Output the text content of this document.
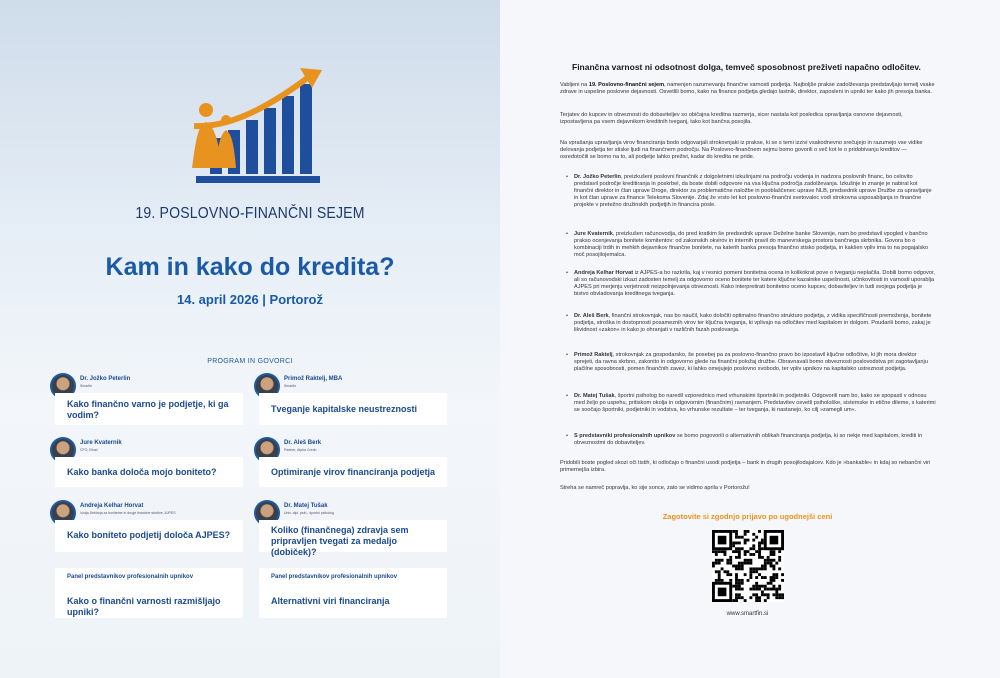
19. POSLOVNO-FINANČNI SEJEM
Kam in kako do kredita?
14. april 2026 | Portorož
PROGRAM IN GOVORCI
Dr. Jožko Peterlin
SmartIn
Kako finančno varno je podjetje, ki ga vodim?
Primož Raktelj, MBA
SmartIn
Tveganje kapitalske neustreznosti
Jure Kvaternik
CFO, Elrad
Kako banka določa mojo boniteto?
Dr. Aleš Berk
Partner, Alpha Credo
Optimiranje virov financiranja podjetja
Andreja Kelhar Horvat
Vodja Sektorja za bonitetne in druge finančne storitve, AJPES
Kako boniteto podjetij določa AJPES?
Dr. Matej Tušak
Univ. dipl. psih., športni psiholog
Koliko (finančnega) zdravja sem pripravljen tvegati za medaljo (dobiček)?
Panel predstavnikov profesionalnih upnikov
Kako o finančni varnosti razmišljajo upniki?
Panel predstavnikov profesionalnih upnikov
Alternativni viri financiranja
Finančna varnost ni odsotnost dolga, temveč sposobnost preživeti napačno odločitev.
Vabljeni na 19. Poslovno-finančni sejem, namenjen razumevanju finančne varnosti podjetja. Najboljše prakse zadolževanja predstavljajo temelj vsake zdrave in uspešne poslovne dejavnosti. Osvetlili bomo, kako na finance podjetja gledajo lastnik, direktor, zaposleni in upniki ter kako jih presoja banka.
Terjatev do kupcev in obveznosti do dobaviteljev so običajna kreditna razmerja, sicer nastala kot posledica opravljanja osnovne dejavnosti, izpostavljena pa vsem dejavnikom kreditnih tveganj, tako kot bančna posojila.
Na vprašanja upravljanja virov financiranja bodo odgovarjali strokovnjaki iz prakse, ki se s temi izzivi vsakodnevno srečujejo in razumejo vse vidike delovanja podjetja ter stiske ljudi na finančnem področju. Na Poslovno-finančnem sejmu bomo govorili o več kot le o pridobivanju kreditov — osredotočili se bomo na to, ali podjetje lahko preživi, kadar do kredita ne pride.
• Dr. Jožko Peterlin, preizkušeni poslovni finančnik z dolgoletnimi izkušnjami na področju vodenja in nadzora poslovnih financ, bo celovito predstavil področje kreditiranja in poskrbel, da boste dobili odgovore na vsa ključna področja zadolževanja. Izkušnje in znanje je nabiral kot finančni direktor in član uprave Droge, direktor za problematične naložbe in pooblaščenec uprave NLB, predsednik uprave Družbe za upravljanje in kot član uprave za finance Telekoma Slovenije. Zdaj že vrsto let kot poslovno-finančni svetovalec vodi strokovna usposabljanja in finančne projekte v pretežno družinskih podjetjih in financira posle.
• Jure Kvaternik, preizkušen računovodja, do pred kratkim še predsednik uprave Deželne banke Slovenije, nam bo predstavil vpogled v bančno prakso ocenjevanja bonitete komitentov: od zakonskih okvirov in internih pravil do manevrskega prostora bančnega skrbnika. Govora bo o kombinaciji trdih in mehkih dejavnikov finančne bonitete, na katerih banka presoja finančno stisko podjetja, in kakšen vpliv ima to na pogajalsko moč posojilojemalca.
• Andreja Kelhar Horvat iz AJPES-a bo razkrila, kaj v resnici pomeni bonitetna ocena in kolikokrat pove o tveganju neplačila. Dobili bomo odgovor, ali so računovodski izkazi zadosten temelj za odgovorno oceno bonitete ter katere ključne kazalnike uspešnosti, učinkovitosti in varnosti uporablja AJPES pri merjenju verjetnosti neizpolnjevanja obveznosti. Kako interpretirati bonitetno oceno kupcev, dobaviteljev in tudi svojega podjetja je bistvo obvladovanja kreditnega tveganja.
• Dr. Aleš Berk, finančni strokovnjak, nas bo naučil, kako določiti optimalno finančno strukturo podjetja, z vidika specifičnosti premoženja, bonitete podjetja, stroška in dostopnosti posameznih virov ter ključna tveganja, ki vplivajo na odločitev med kapitalom in dolgom. Poudarili bomo, zakaj je likvidnost »zakon« in kako jo ohranjati v različnih fazah poslovanja.
• Primož Raktelj, strokovnjak za gospodarsko, še posebej pa za poslovno-finančno pravo bo izpostavil ključne odločitve, ki jih mora direktor sprejeti, da ravna skrbno, zakonito in odgovorno glede na finančni položaj družbe. Obravnavali bomo obveznosti poslovodstva pri zagotavljanju plačilne sposobnosti, pomen finančnih zavez, ki lahko omejujejo poslovno svobodo, ter vpliv upnikov na kapitalsko ustreznost podjetja.
• Dr. Matej Tušak, športni psiholog bo naredil vzporednico med vrhunskimi športniki in podjetniki. Odgovorili nam bo, kako se spopasti v odnosu med željo po uspehu, pritiskom okolja in odgovornim (finančnim) ravnanjem. Predstavitev osvetli psihološke, sistemske in etične dileme, s katerimi se soočajo športniki, podjetniki in vodstva, ko vrhunske rezultate – ter tveganja, ki nastanejo, ko cilj »zamegli um«.
• S predstavniki profesionalnih upnikov se bomo pogovorili o alternativnih oblikah financiranja podjetja, ki so nekje med kapitalom, krediti in obveznostmi do dobaviteljev.
Pridobili boste pogled skozi oči tistih, ki odločajo o finančni usodi podjetja – bank in drugih posojilodajalcev. Kdo je »bankable« in kdaj so nebančni viri primernejša izbira.
Streha se namreč popravlja, ko sije sonce, zato se vidimo aprila v Portorožu!
Zagotovite si zgodnjo prijavo po ugodnejši ceni
www.smartfin.si
